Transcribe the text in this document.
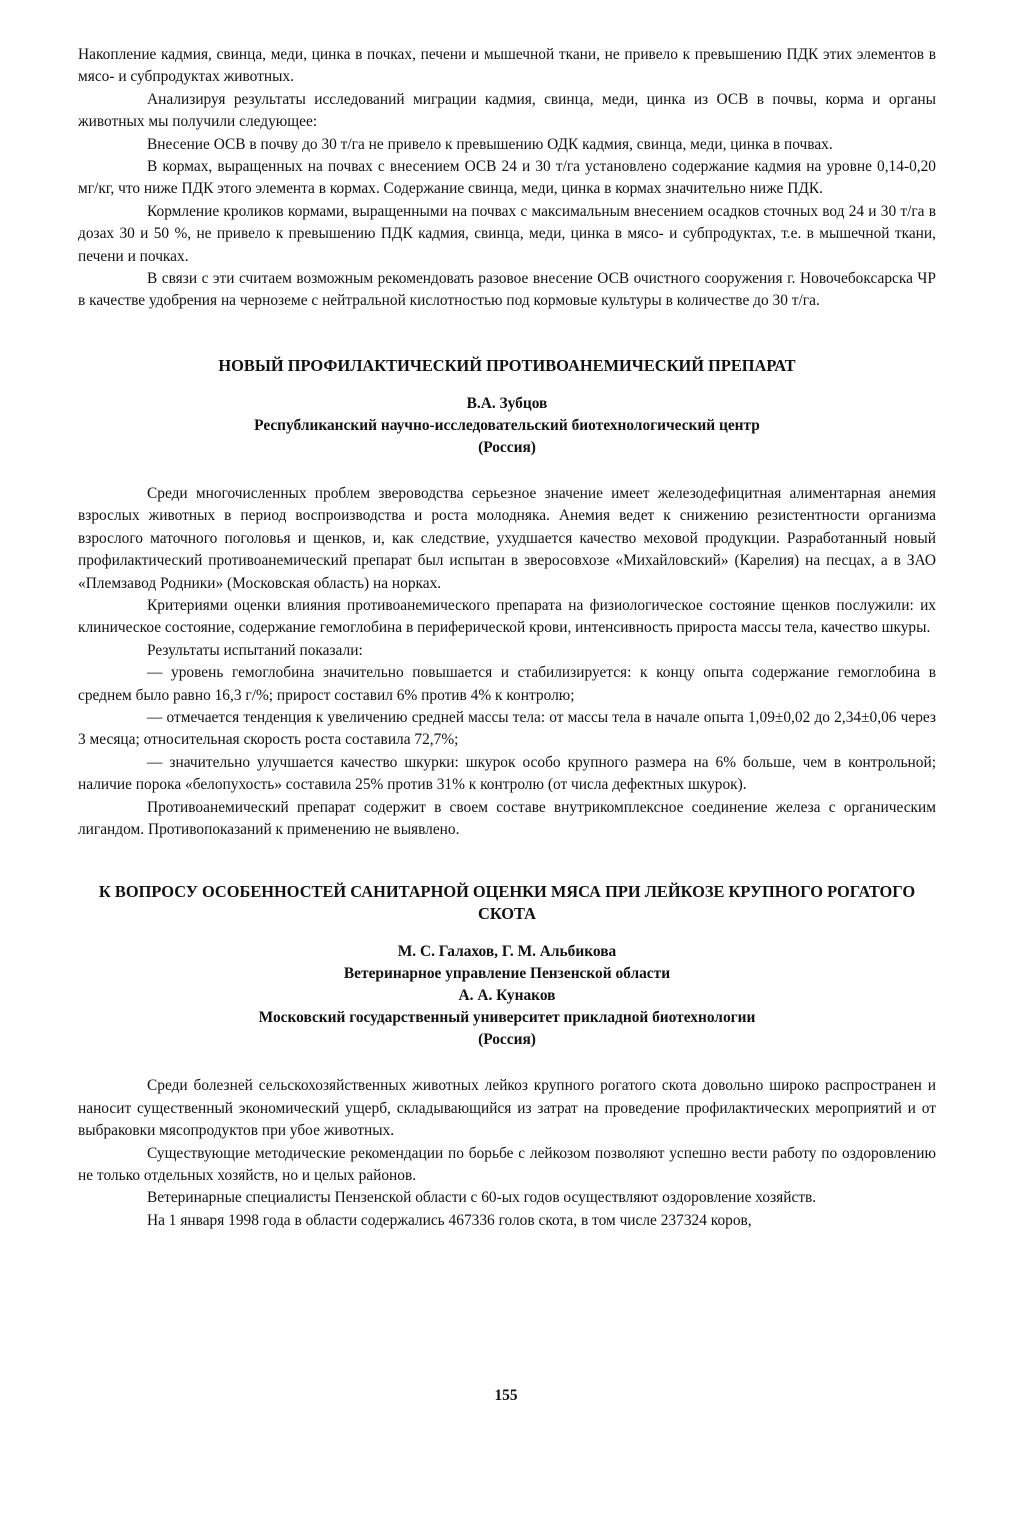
Накопление кадмия, свинца, меди, цинка в почках, печени и мышечной ткани, не привело к превышению ПДК этих элементов в мясо- и субпродуктах животных.

Анализируя результаты исследований миграции кадмия, свинца, меди, цинка из ОСВ в почвы, корма и органы животных мы получили следующее:

Внесение ОСВ в почву до 30 т/га не привело к превышению ОДК кадмия, свинца, меди, цинка в почвах.

В кормах, выращенных на почвах с внесением ОСВ 24 и 30 т/га установлено содержание кадмия на уровне 0,14-0,20 мг/кг, что ниже ПДК этого элемента в кормах. Содержание свинца, меди, цинка в кормах значительно ниже ПДК.

Кормление кроликов кормами, выращенными на почвах с максимальным внесением осадков сточных вод 24 и 30 т/га в дозах 30 и 50 %, не привело к превышению ПДК кадмия, свинца, меди, цинка в мясо- и субпродуктах, т.е. в мышечной ткани, печени и почках.

В связи с эти считаем возможным рекомендовать разовое внесение ОСВ очистного сооружения г. Новочебоксарска ЧР в качестве удобрения на черноземе с нейтральной кислотностью под кормовые культуры в количестве до 30 т/га.

НОВЫЙ ПРОФИЛАКТИЧЕСКИЙ ПРОТИВОАНЕМИЧЕСКИЙ ПРЕПАРАТ
В.А. Зубцов
Республиканский научно-исследовательский биотехнологический центр
(Россия)

Среди многочисленных проблем звероводства серьезное значение имеет железодефицитная алиментарная анемия взрослых животных в период воспроизводства и роста молодняка. Анемия ведет к снижению резистентности организма взрослого маточного поголовья и щенков, и, как следствие, ухудшается качество меховой продукции. Разработанный новый профилактический противоанемический препарат был испытан в зверосовхозе «Михайловский» (Карелия) на песцах, а в ЗАО «Племзавод Родники» (Московская область) на норках.

Критериями оценки влияния противоанемического препарата на физиологическое состояние щенков послужили: их клиническое состояние, содержание гемоглобина в периферической крови, интенсивность прироста массы тела, качество шкуры.

Результаты испытаний показали:

— уровень гемоглобина значительно повышается и стабилизируется: к концу опыта содержание гемоглобина в среднем было равно 16,3 г/%; прирост составил 6% против 4% к контролю;

— отмечается тенденция к увеличению средней массы тела: от массы тела в начале опыта 1,09±0,02 до 2,34±0,06 через 3 месяца; относительная скорость роста составила 72,7%;

— значительно улучшается качество шкурки: шкурок особо крупного размера на 6% больше, чем в контрольной; наличие порока «белопухость» составила 25% против 31% к контролю (от числа дефектных шкурок).

Противоанемический препарат содержит в своем составе внутрикомплексное соединение железа с органическим лигандом. Противопоказаний к применению не выявлено.

К ВОПРОСУ ОСОБЕННОСТЕЙ САНИТАРНОЙ ОЦЕНКИ МЯСА ПРИ ЛЕЙКОЗЕ КРУПНОГО РОГАТОГО СКОТА
М. С. Галахов, Г. М. Альбикова
Ветеринарное управление Пензенской области
А. А. Кунаков
Московский государственный университет прикладной биотехнологии
(Россия)

Среди болезней сельскохозяйственных животных лейкоз крупного рогатого скота довольно широко распространен и наносит существенный экономический ущерб, складывающийся из затрат на проведение профилактических мероприятий и от выбраковки мясопродуктов при убое животных.

Существующие методические рекомендации по борьбе с лейкозом позволяют успешно вести работу по оздоровлению не только отдельных хозяйств, но и целых районов.

Ветеринарные специалисты Пензенской области с 60-ых годов осуществляют оздоровление хозяйств.

На 1 января 1998 года в области содержались 467336 голов скота, в том числе 237324 коров,

155
